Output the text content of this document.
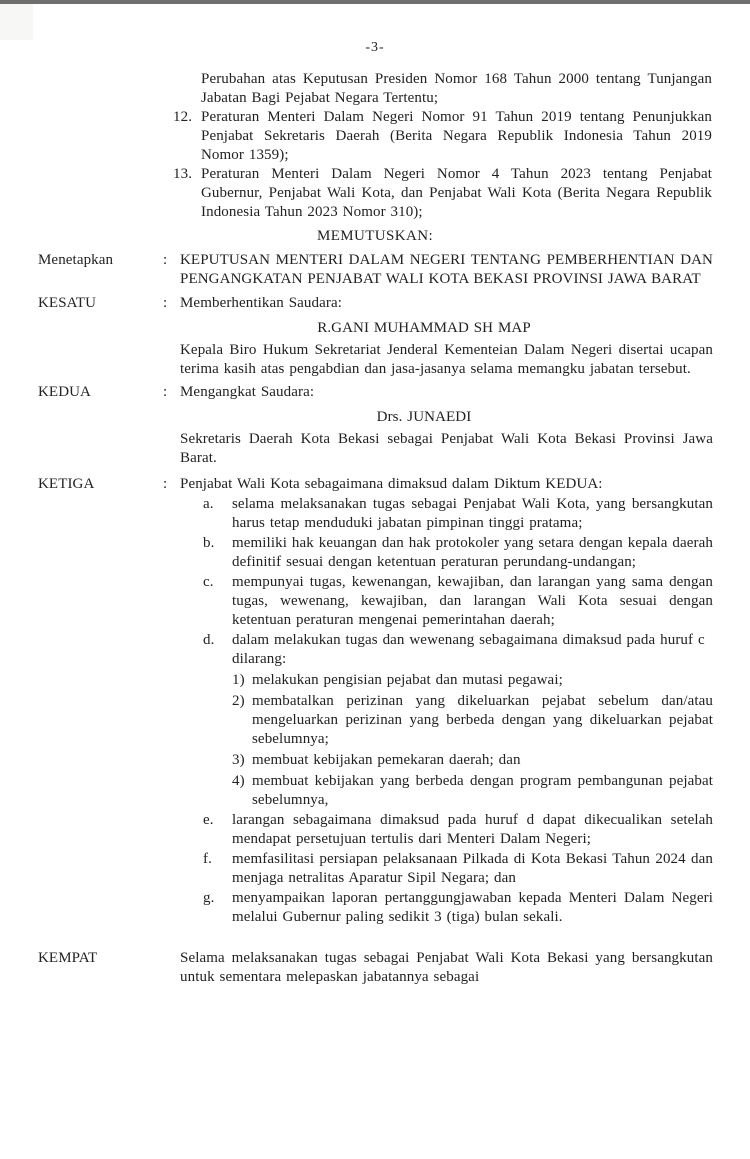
-3-
Perubahan atas Keputusan Presiden Nomor 168 Tahun 2000 tentang Tunjangan Jabatan Bagi Pejabat Negara Tertentu;
12. Peraturan Menteri Dalam Negeri Nomor 91 Tahun 2019 tentang Penunjukkan Penjabat Sekretaris Daerah (Berita Negara Republik Indonesia Tahun 2019 Nomor 1359);
13. Peraturan Menteri Dalam Negeri Nomor 4 Tahun 2023 tentang Penjabat Gubernur, Penjabat Wali Kota, dan Penjabat Wali Kota (Berita Negara Republik Indonesia Tahun 2023 Nomor 310);
MEMUTUSKAN:
Menetapkan	: KEPUTUSAN MENTERI DALAM NEGERI TENTANG PEMBERHENTIAN DAN PENGANGKATAN PENJABAT WALI KOTA BEKASI PROVINSI JAWA BARAT
KESATU	: Memberhentikan Saudara:
R.GANI MUHAMMAD SH MAP
Kepala Biro Hukum Sekretariat Jenderal Kementeian Dalam Negeri disertai ucapan terima kasih atas pengabdian dan jasa-jasanya selama memangku jabatan tersebut.
KEDUA	: Mengangkat Saudara:
Drs. JUNAEDI
Sekretaris Daerah Kota Bekasi sebagai Penjabat Wali Kota Bekasi Provinsi Jawa Barat.
KETIGA	: Penjabat Wali Kota sebagaimana dimaksud dalam Diktum KEDUA:
a. selama melaksanakan tugas sebagai Penjabat Wali Kota, yang bersangkutan harus tetap menduduki jabatan pimpinan tinggi pratama;
b. memiliki hak keuangan dan hak protokoler yang setara dengan kepala daerah definitif sesuai dengan ketentuan peraturan perundang-undangan;
c. mempunyai tugas, kewenangan, kewajiban, dan larangan yang sama dengan tugas, wewenang, kewajiban, dan larangan Wali Kota sesuai dengan ketentuan peraturan mengenai pemerintahan daerah;
d. dalam melakukan tugas dan wewenang sebagaimana dimaksud pada huruf c dilarang:
1) melakukan pengisian pejabat dan mutasi pegawai;
2) membatalkan perizinan yang dikeluarkan pejabat sebelum dan/atau mengeluarkan perizinan yang berbeda dengan yang dikeluarkan pejabat sebelumnya;
3) membuat kebijakan pemekaran daerah; dan
4) membuat kebijakan yang berbeda dengan program pembangunan pejabat sebelumnya,
e. larangan sebagaimana dimaksud pada huruf d dapat dikecualikan setelah mendapat persetujuan tertulis dari Menteri Dalam Negeri;
f. memfasilitasi persiapan pelaksanaan Pilkada di Kota Bekasi Tahun 2024 dan menjaga netralitas Aparatur Sipil Negara; dan
g. menyampaikan laporan pertanggungjawaban kepada Menteri Dalam Negeri melalui Gubernur paling sedikit 3 (tiga) bulan sekali.
KEMPAT	Selama melaksanakan tugas sebagai Penjabat Wali Kota Bekasi yang bersangkutan untuk sementara melepaskan jabatannya sebagai
